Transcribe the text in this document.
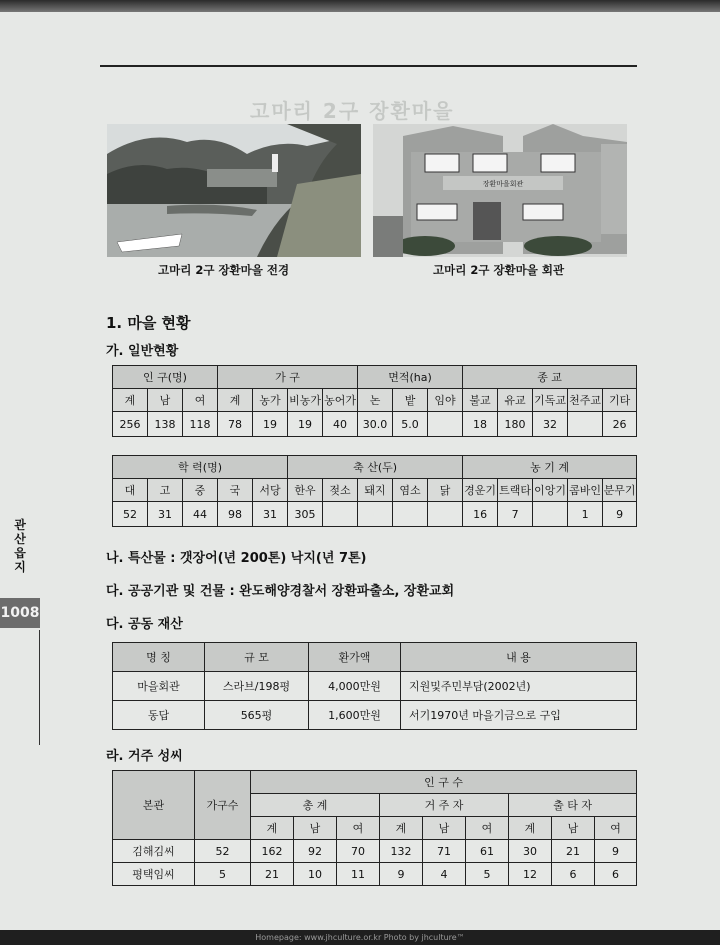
고마리 2구 장환마을
장환마을회관
고마리 2구 장환마을 전경	고마리 2구 장환마을 회관
1. 마을 현황
가. 일반현황
인 구(명)			가 구				면적(ha)			종 교				
계	남	여	계	농가	비농가	농어가	논	밭	임야	불교	유교	기독교	천주교	기타
256	138	118	78	19	19	40	30.0	5.0		18	180	32		26
학 력(명)					축 산(두)					농 기 계				
대	고	중	국	서당	한우	젖소	돼지	염소	닭	경운기	트랙타	이앙기	콤바인	분무기
52	31	44	98	31	305					16	7		1	9
나. 특산물 : 갯장어(년 200톤) 낙지(년 7톤)
다. 공공기관 및 건물 : 완도해양경찰서 장환파출소, 장환교회
다. 공동 재산
명 칭	규 모	환가액	내 용
마을회관	스라브/198평	4,000만원	지원및주민부담(2002년)
동답	565평	1,600만원	서기1970년 마을기금으로 구입
라. 거주 성씨
본관	가구수	인 구 수								
		총 계			거 주 자			출 타 자		
		계	남	여	계	남	여	계	남	여
김해김씨	52	162	92	70	132	71	61	30	21	9
평택임씨	5	21	10	11	9	4	5	12	6	6
관
산
읍
지
1008
Homepage: www.jhculture.or.kr Photo by jhculture™
